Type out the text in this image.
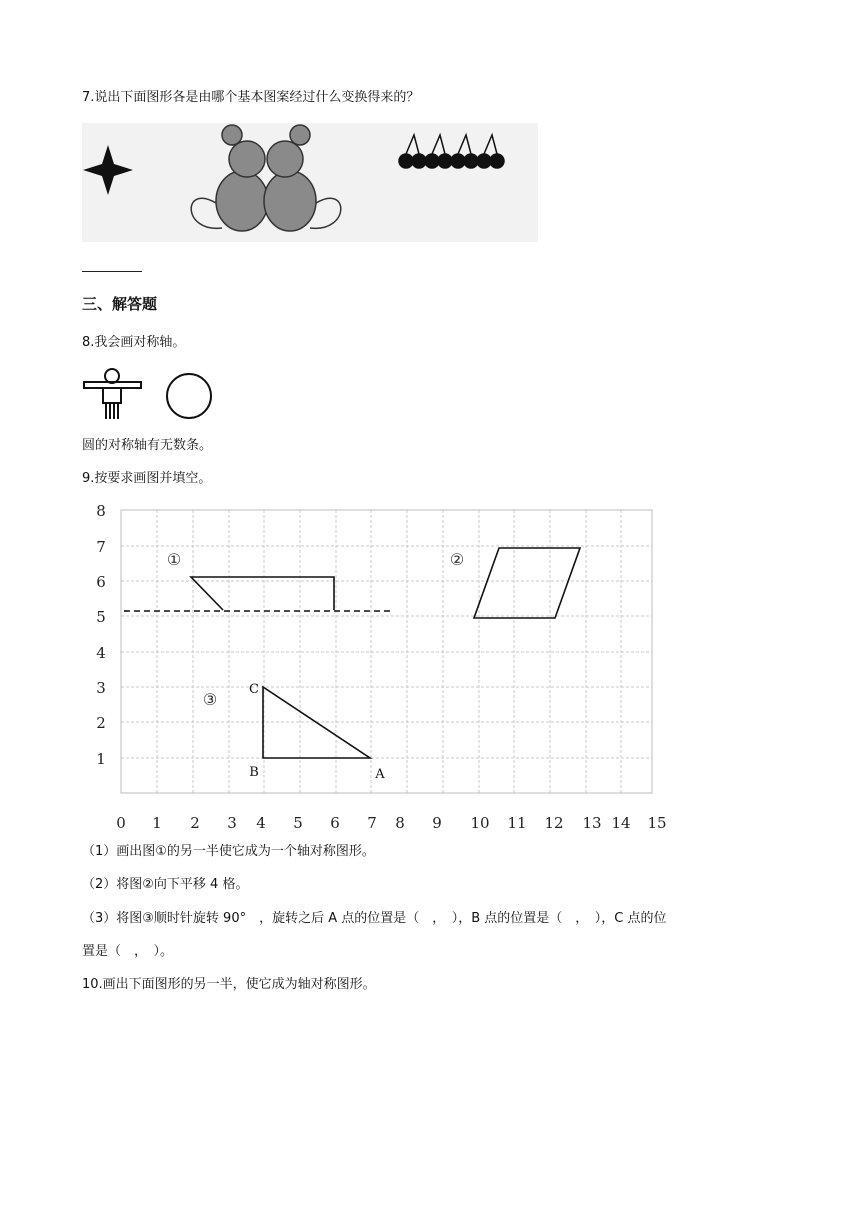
7.说出下面图形各是由哪个基本图案经过什么变换得来的？
三、解答题
8.我会画对称轴。
圆的对称轴有无数条。
9.按要求画图并填空。
8
7
6
5
4
3
2
1
0 1 2 3 4 5 6 7 8 9 10 11 12 13 14 15
①	②
③
C
B	A
（1）画出图①的另一半使它成为一个轴对称图形。
（2）将图②向下平移 4 格。
（3）将图③顺时针旋转 90°　，旋转之后 A 点的位置是（　，　），B 点的位置是（　，　），C 点的位
置是（　，　）。
10.画出下面图形的另一半，使它成为轴对称图形。
